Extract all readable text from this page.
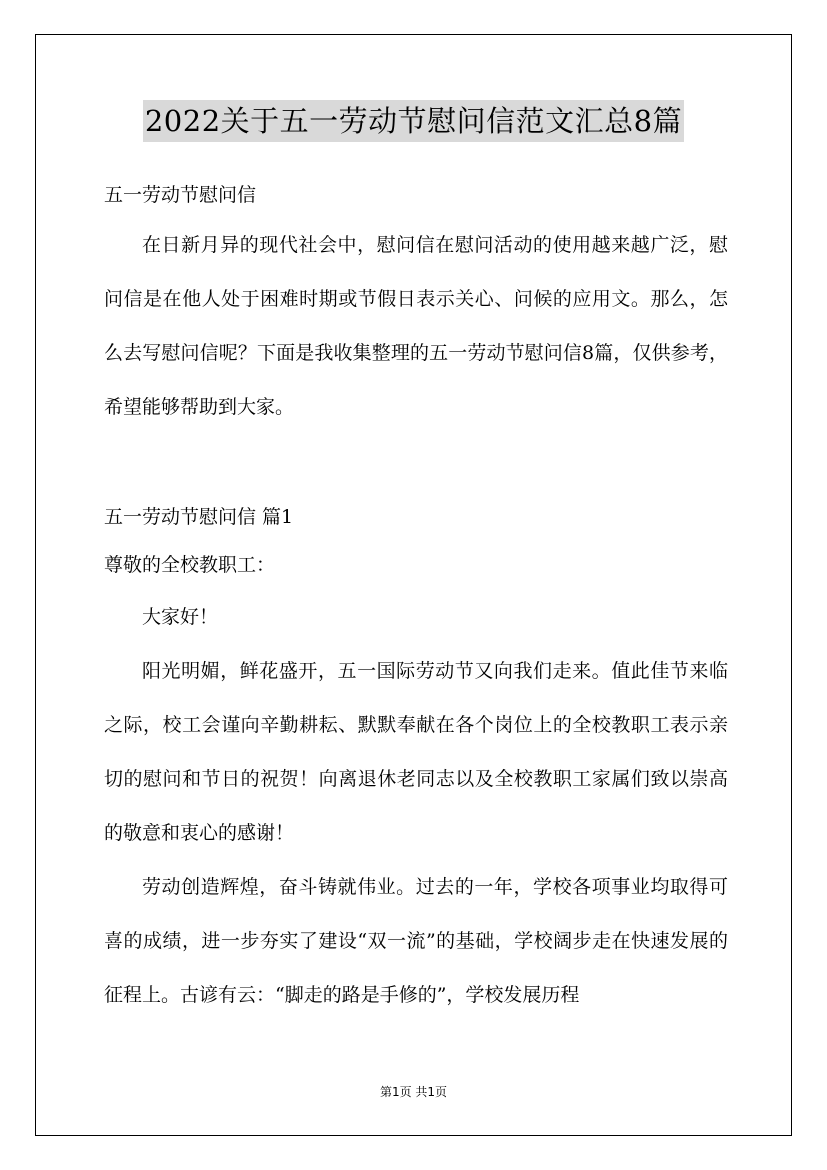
2022关于五一劳动节慰问信范文汇总8篇

五一劳动节慰问信

在日新月异的现代社会中，慰问信在慰问活动的使用越来越广泛，慰问信是在他人处于困难时期或节假日表示关心、问候的应用文。那么，怎么去写慰问信呢？下面是我收集整理的五一劳动节慰问信8篇，仅供参考，希望能够帮助到大家。

五一劳动节慰问信 篇1

尊敬的全校教职工：

大家好！

阳光明媚，鲜花盛开，五一国际劳动节又向我们走来。值此佳节来临之际，校工会谨向辛勤耕耘、默默奉献在各个岗位上的全校教职工表示亲切的慰问和节日的祝贺！向离退休老同志以及全校教职工家属们致以崇高的敬意和衷心的感谢！

劳动创造辉煌，奋斗铸就伟业。过去的一年，学校各项事业均取得可喜的成绩，进一步夯实了建设“双一流”的基础，学校阔步走在快速发展的征程上。古谚有云：“脚走的路是手修的”，学校发展历程

第1页 共1页
